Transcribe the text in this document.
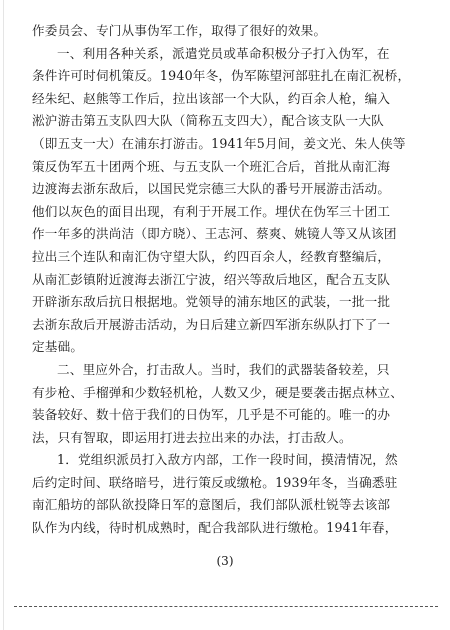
作委员会、专门从事伪军工作，取得了很好的效果。
一、利用各种关系，派遣党员或革命积极分子打入伪军，在
条件许可时伺机策反。1940年冬，伪军陈望河部驻扎在南汇祝桥，
经朱纪、赵熊等工作后，拉出该部一个大队，约百余人枪，编入
淞沪游击第五支队四大队（简称五支四大），配合该支队一大队
（即五支一大）在浦东打游击。1941年5月间，姜文光、朱人侠等
策反伪军五十团两个班、与五支队一个班汇合后，首批从南汇海
边渡海去浙东敌后，以国民党宗德三大队的番号开展游击活动。
他们以灰色的面目出现，有利于开展工作。埋伏在伪军三十团工
作一年多的洪尚洁（即方晓）、王志河、蔡爽、姚镜人等又从该团
拉出三个连队和南汇伪守望大队，约四百余人，经教育整编后，
从南汇彭镇附近渡海去浙江宁波，绍兴等敌后地区，配合五支队
开辟浙东敌后抗日根据地。党领导的浦东地区的武装，一批一批
去浙东敌后开展游击活动，为日后建立新四军浙东纵队打下了一
定基础。
二、里应外合，打击敌人。当时，我们的武器装备较差，只
有步枪、手榴弹和少数轻机枪，人数又少，硬是要袭击据点林立、
装备较好、数十倍于我们的日伪军，几乎是不可能的。唯一的办
法，只有智取，即运用打进去拉出来的办法，打击敌人。
1．党组织派员打入敌方内部，工作一段时间，摸清情况，然
后约定时间、联络暗号，进行策反或缴枪。1939年冬，当确悉驻
南汇船坊的部队欲投降日军的意图后，我们部队派杜锐等去该部
队作为内线，待时机成熟时，配合我部队进行缴枪。1941年春，
(3)
